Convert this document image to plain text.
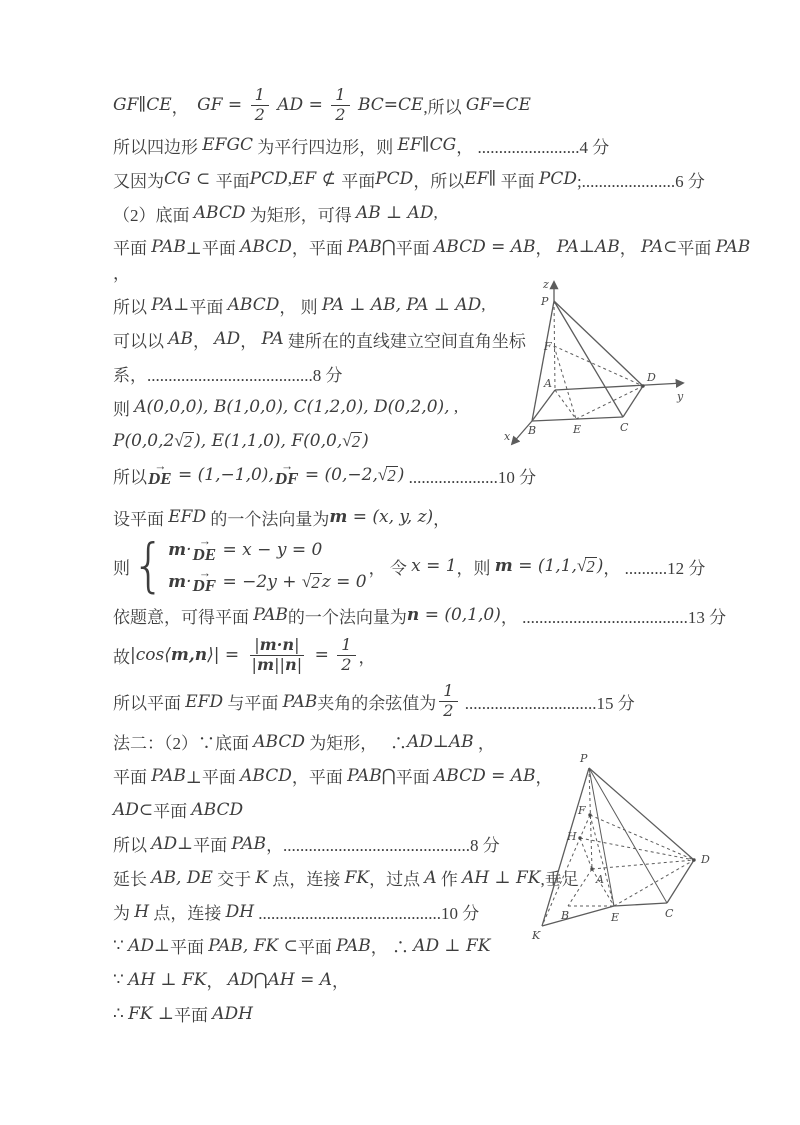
GF∥CE ， GF = $\frac{1}{2}$ AD = $\frac{1}{2} BC=CE$ ,所以 GF=CE
所以四边形 EFGC 为平行四边形，则 EF∥CG ， ........................4 分
又因为 CG ⊂ 平面 PCD , EF ⊄ 平面 PCD ，所以 EF∥ 平面 PCD ;......................6 分
（2）底面 ABCD 为矩形，可得 AB ⊥ AD ,
平面 PAB ⊥平面 ABCD ，平面 PAB⋂ 平面 ABCD = AB ， PA⊥AB ， PA⊂ 平面 PAB
，
所以 PA⊥ 平面 ABCD ， 则 PA ⊥ AB, PA ⊥ AD ,
可以以 AB ， AD ， PA 建所在的直线建立空间直角坐标
系，.......................................8 分
则 A(0,0,0), B(1,0,0), C(1,2,0), D(0,2,0), ,
P(0,0,2 √ 2 ), E(1,1,0), F(0,0, √ 2 )
所以
→
DE = (1,−1,0), →
DF = (0,−2, √ 2 ) .....................10 分
设平面 EFD 的一个法向量为 m = (x, y, z) ，
则 { m · →
DE = x − y = 0
m · →
DF = −2y + √ 2 z = 0
， 令 x = 1 ，则 m = (1,1, √ 2 ) ， ..........12 分
依题意，可得平面 PAB 的一个法向量为 n = (0,1,0) ， .......................................13 分
故 |cos⟨ m,n ⟩| = $\frac{| m\cdot n |}{| m || n |} = \frac{1}{2}$ ，
所以平面 EFD 与平面 PAB 夹角的余弦值为 $\frac{1}{2} ...............................15$ 分
法二：（2）∵底面 ABCD 为矩形，   ∴ AD⊥AB ，
平面 PAB ⊥平面 ABCD ，平面 PAB⋂ 平面 ABCD = AB ，
AD⊂ 平面 ABCD
所以 AD⊥ 平面 PAB ，............................................8 分
延长 AB, DE 交于 K 点，连接 FK ，过点 A 作 AH ⊥ FK ,垂足
为 H 点，连接 DH ...........................................10 分
∵ AD⊥ 平面 PAB , FK ⊂ 平面 PAB ， ∴ AD ⊥ FK
∵ AH ⊥ FK ， AD⋂AH = A ，
∴ FK ⊥ 平面 ADH
z
P
F
A
B	E	C
D
y
x
P
F
H
A
B
K
E	C
D
